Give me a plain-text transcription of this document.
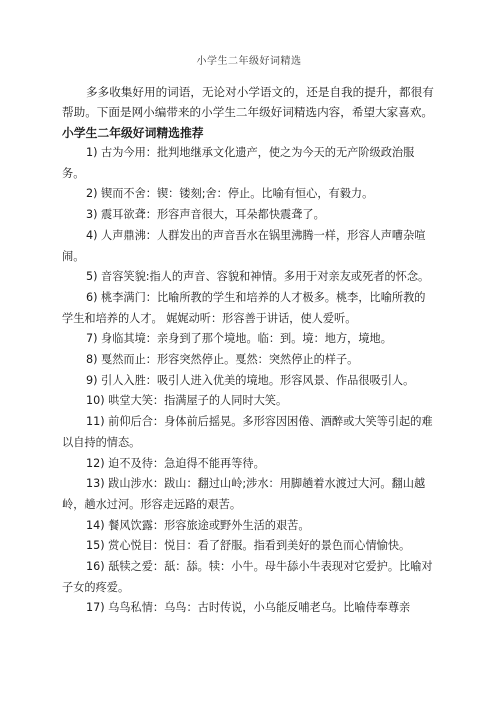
小学生二年级好词精选

多多收集好用的词语，无论对小学语文的，还是自我的提升，都很有帮助。下面是网小编带来的小学生二年级好词精选内容，希望大家喜欢。

小学生二年级好词精选推荐
1) 古为今用：批判地继承文化遗产，使之为今天的无产阶级政治服务。
2) 锲而不舍：锲：镂刻;舍：停止。比喻有恒心，有毅力。
3) 震耳欲聋：形容声音很大，耳朵都快震聋了。
4) 人声鼎沸：人群发出的声音吾水在锅里沸腾一样，形容人声嘈杂喧闹。
5) 音容笑貌:指人的声音、容貌和神情。多用于对亲友或死者的怀念。
6) 桃李满门：比喻所教的学生和培养的人才极多。桃李，比喻所教的学生和培养的人才。 娓娓动听：形容善于讲话，使人爱听。
7) 身临其境：亲身到了那个境地。临：到。境：地方，境地。
8) 戛然而止：形容突然停止。戛然：突然停止的样子。
9) 引人入胜：吸引人进入优美的境地。形容风景、作品很吸引人。
10) 哄堂大笑：指满屋子的人同时大笑。
11) 前仰后合：身体前后摇晃。多形容因困倦、酒醉或大笑等引起的难以自持的情态。
12) 迫不及待：急迫得不能再等待。
13) 跋山涉水：跋山：翻过山岭;涉水：用脚趟着水渡过大河。翻山越岭，趟水过河。形容走远路的艰苦。
14) 餐风饮露：形容旅途或野外生活的艰苦。
15) 赏心悦目：悦目：看了舒服。指看到美好的景色而心情愉快。
16) 舐犊之爱：舐：舔。犊：小牛。母牛舔小牛表现对它爱护。比喻对子女的疼爱。
17) 乌鸟私情：乌鸟：古时传说，小乌能反哺老乌。比喻侍奉尊亲
